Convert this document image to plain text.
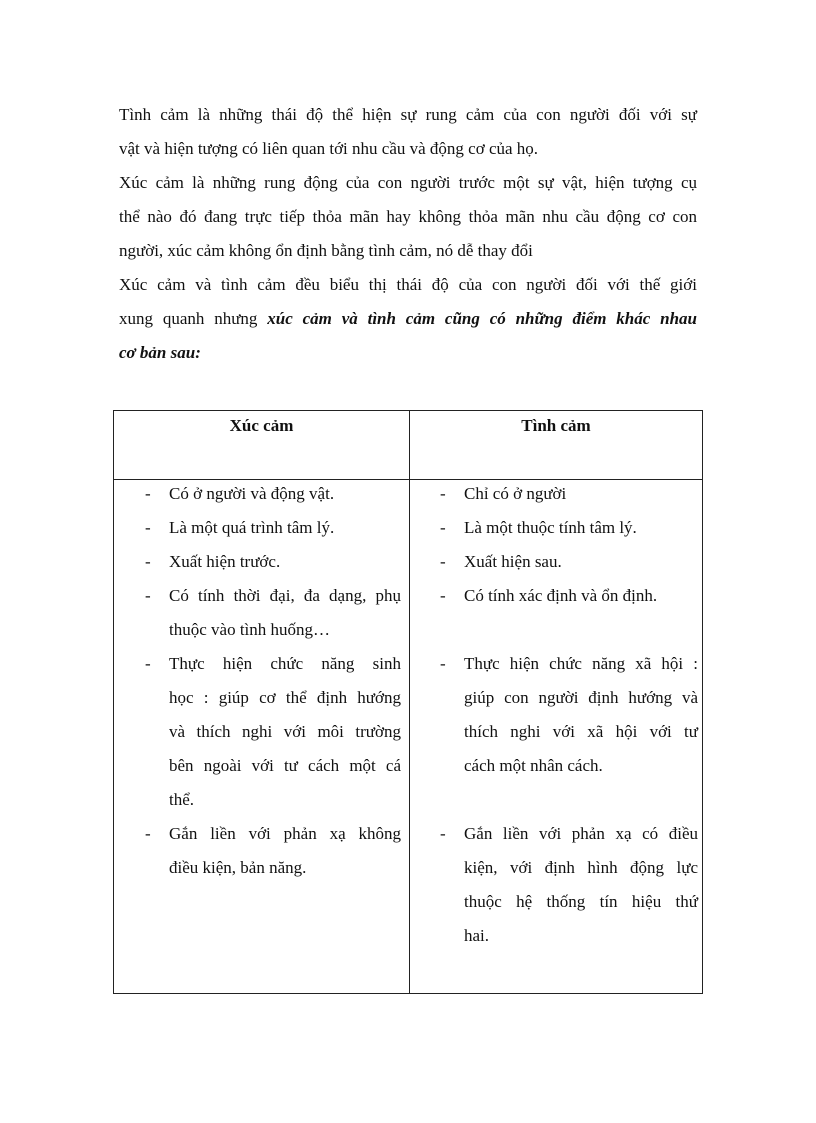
Tình cảm là những thái độ thể hiện sự rung cảm của con người đối với sự
vật và hiện tượng có liên quan tới nhu cầu và động cơ của họ.
Xúc cảm là những rung động của con người trước một sự vật, hiện tượng cụ
thể nào đó đang trực tiếp thỏa mãn hay không thỏa mãn nhu cầu động cơ con
người, xúc cảm không ổn định bằng tình cảm, nó dễ thay đổi
Xúc cảm và tình cảm đều biểu thị thái độ của con người đối với thế giới
xung quanh nhưng xúc cảm và tình cảm cũng có những điểm khác nhau
cơ bản sau:
Xúc cảm	Tình cảm
- Có ở người và động vật.
- Là một quá trình tâm lý.
- Xuất hiện trước.
- Có tính thời đại, đa dạng, phụ
thuộc vào tình huống…
- Thực hiện chức năng sinh
học : giúp cơ thể định hướng
và thích nghi với môi trường
bên ngoài với tư cách một cá
thể.
- Gắn liền với phản xạ không
điều kiện, bản năng.
- Chỉ có ở người
- Là một thuộc tính tâm lý.
- Xuất hiện sau.
- Có tính xác định và ổn định.
- Thực hiện chức năng xã hội :
giúp con người định hướng và
thích nghi với xã hội với tư
cách một nhân cách.
- Gắn liền với phản xạ có điều
kiện, với định hình động lực
thuộc hệ thống tín hiệu thứ
hai.
